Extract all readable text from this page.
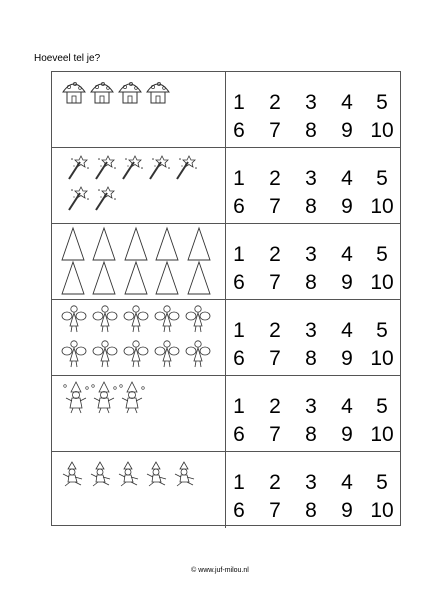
Hoeveel tel je?
1	2	3	4	5
6	7	8	9 10
1	2	3	4	5
6	7	8	9 10
1	2	3	4	5
6	7	8	9 10
1	2	3	4	5
6	7	8	9 10
1	2	3	4	5
6	7	8	9 10
1	2	3	4	5
6	7	8	9 10
© www.juf-milou.nl
